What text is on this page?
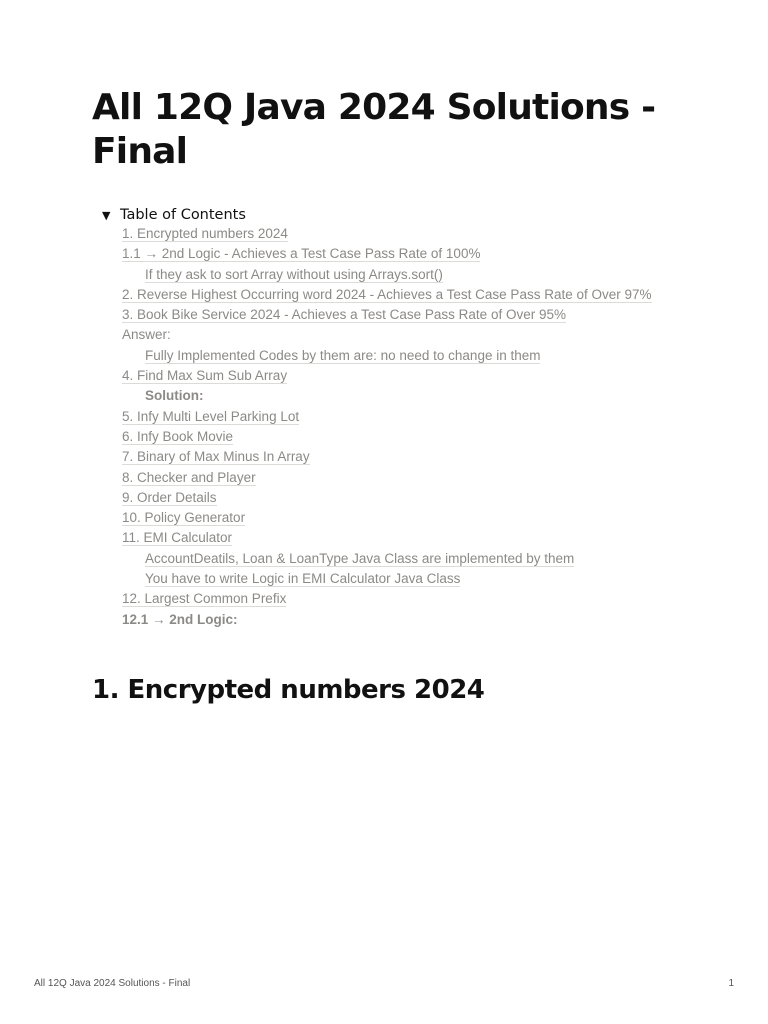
All 12Q Java 2024 Solutions - Final
▼ Table of Contents
1. Encrypted numbers 2024
1.1 → 2nd Logic - Achieves a Test Case Pass Rate of 100%
If they ask to sort Array without using Arrays.sort()
2. Reverse Highest Occurring word 2024 - Achieves a Test Case Pass Rate of Over 97%
3. Book Bike Service 2024 - Achieves a Test Case Pass Rate of Over 95%
Answer:
Fully Implemented Codes by them are: no need to change in them
4. Find Max Sum Sub Array
Solution:
5. Infy Multi Level Parking Lot
6. Infy Book Movie
7. Binary of Max Minus In Array
8. Checker and Player
9. Order Details
10. Policy Generator
11. EMI Calculator
AccountDeatils, Loan & LoanType Java Class are implemented by them
You have to write Logic in EMI Calculator Java Class
12. Largest Common Prefix
12.1 → 2nd Logic:
1. Encrypted numbers 2024
All 12Q Java 2024 Solutions - Final	1
